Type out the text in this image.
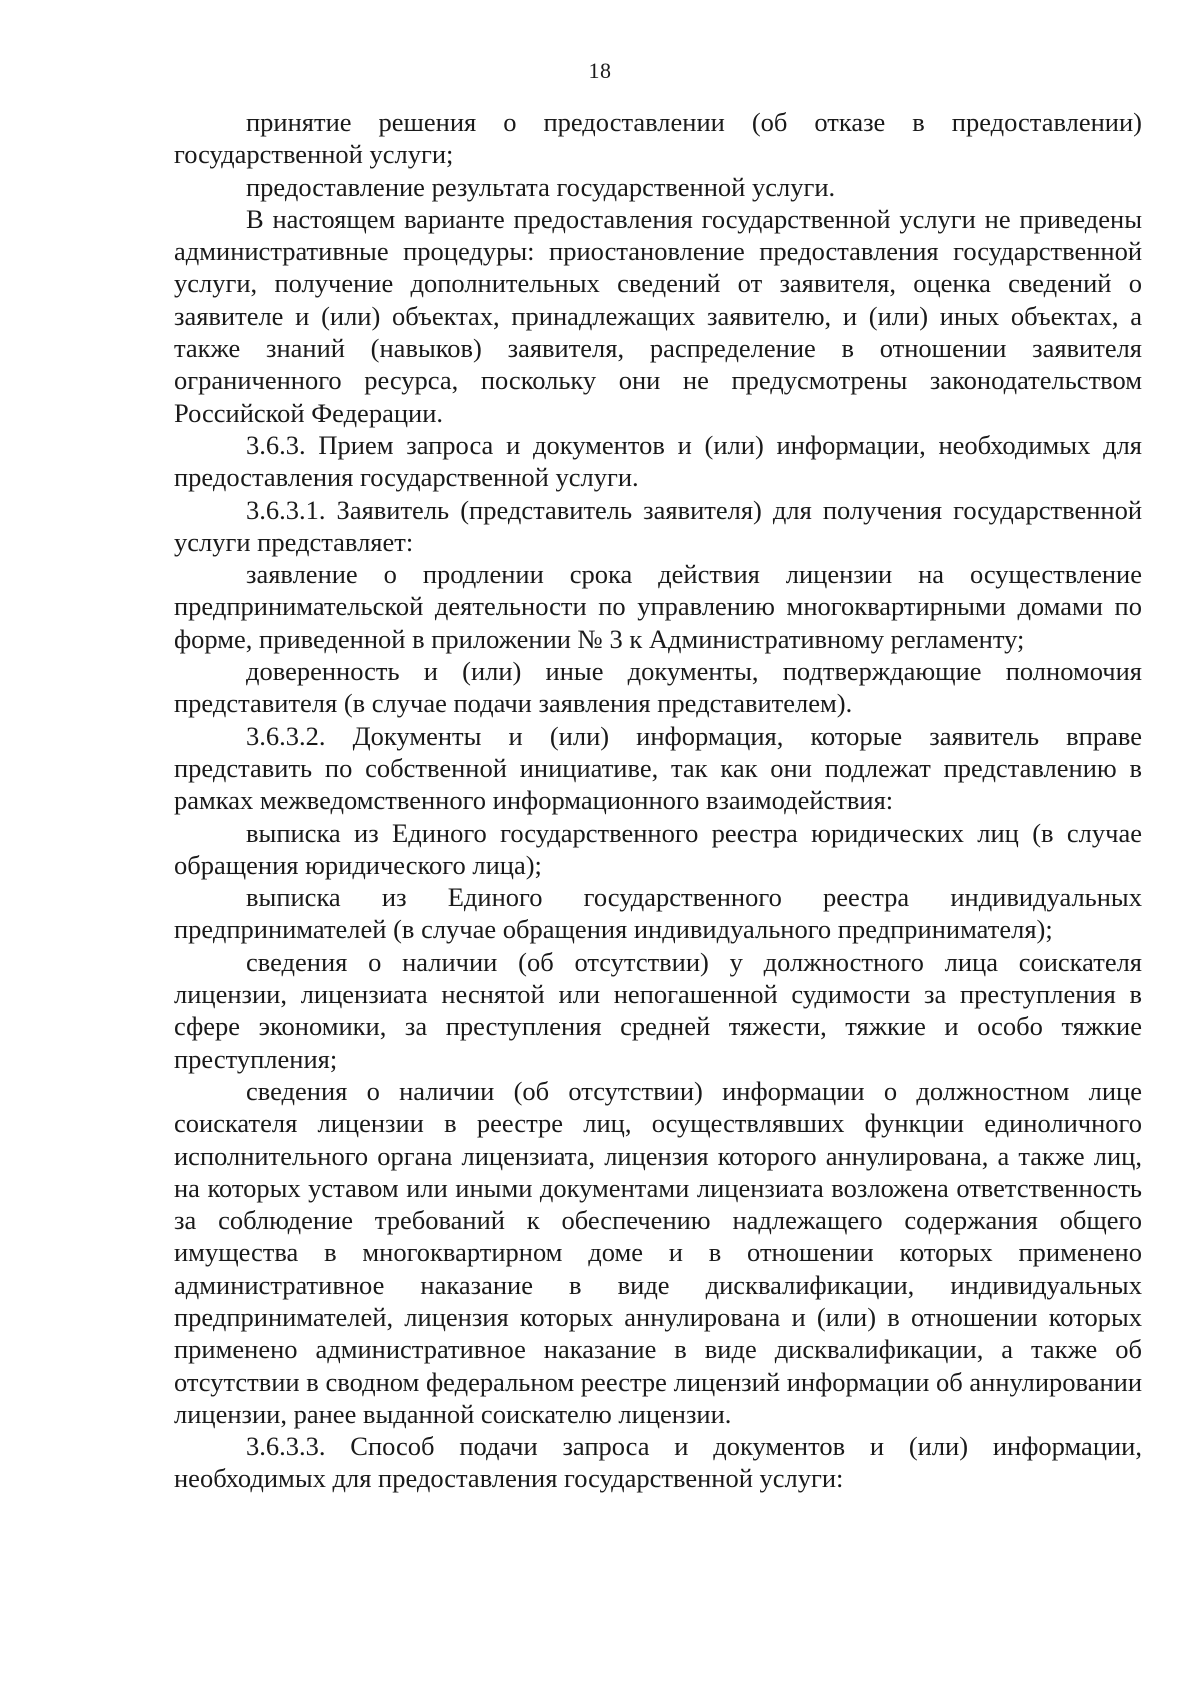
18

принятие решения о предоставлении (об отказе в предоставлении) государственной услуги;

предоставление результата государственной услуги.

В настоящем варианте предоставления государственной услуги не приведены административные процедуры: приостановление предоставления государственной услуги, получение дополнительных сведений от заявителя, оценка сведений о заявителе и (или) объектах, принадлежащих заявителю, и (или) иных объектах, а также знаний (навыков) заявителя, распределение в отношении заявителя ограниченного ресурса, поскольку они не предусмотрены законодательством Российской Федерации.

3.6.3. Прием запроса и документов и (или) информации, необходимых для предоставления государственной услуги.

3.6.3.1. Заявитель (представитель заявителя) для получения государственной услуги представляет:

заявление о продлении срока действия лицензии на осуществление предпринимательской деятельности по управлению многоквартирными домами по форме, приведенной в приложении № 3 к Административному регламенту;

доверенность и (или) иные документы, подтверждающие полномочия представителя (в случае подачи заявления представителем).

3.6.3.2. Документы и (или) информация, которые заявитель вправе представить по собственной инициативе, так как они подлежат представлению в рамках межведомственного информационного взаимодействия:

выписка из Единого государственного реестра юридических лиц (в случае обращения юридического лица);

выписка из Единого государственного реестра индивидуальных предпринимателей (в случае обращения индивидуального предпринимателя);

сведения о наличии (об отсутствии) у должностного лица соискателя лицензии, лицензиата неснятой или непогашенной судимости за преступления в сфере экономики, за преступления средней тяжести, тяжкие и особо тяжкие преступления;

сведения о наличии (об отсутствии) информации о должностном лице соискателя лицензии в реестре лиц, осуществлявших функции единоличного исполнительного органа лицензиата, лицензия которого аннулирована, а также лиц, на которых уставом или иными документами лицензиата возложена ответственность за соблюдение требований к обеспечению надлежащего содержания общего имущества в многоквартирном доме и в отношении которых применено административное наказание в виде дисквалификации, индивидуальных предпринимателей, лицензия которых аннулирована и (или) в отношении которых применено административное наказание в виде дисквалификации, а также об отсутствии в сводном федеральном реестре лицензий информации об аннулировании лицензии, ранее выданной соискателю лицензии.

3.6.3.3. Способ подачи запроса и документов и (или) информации, необходимых для предоставления государственной услуги:
